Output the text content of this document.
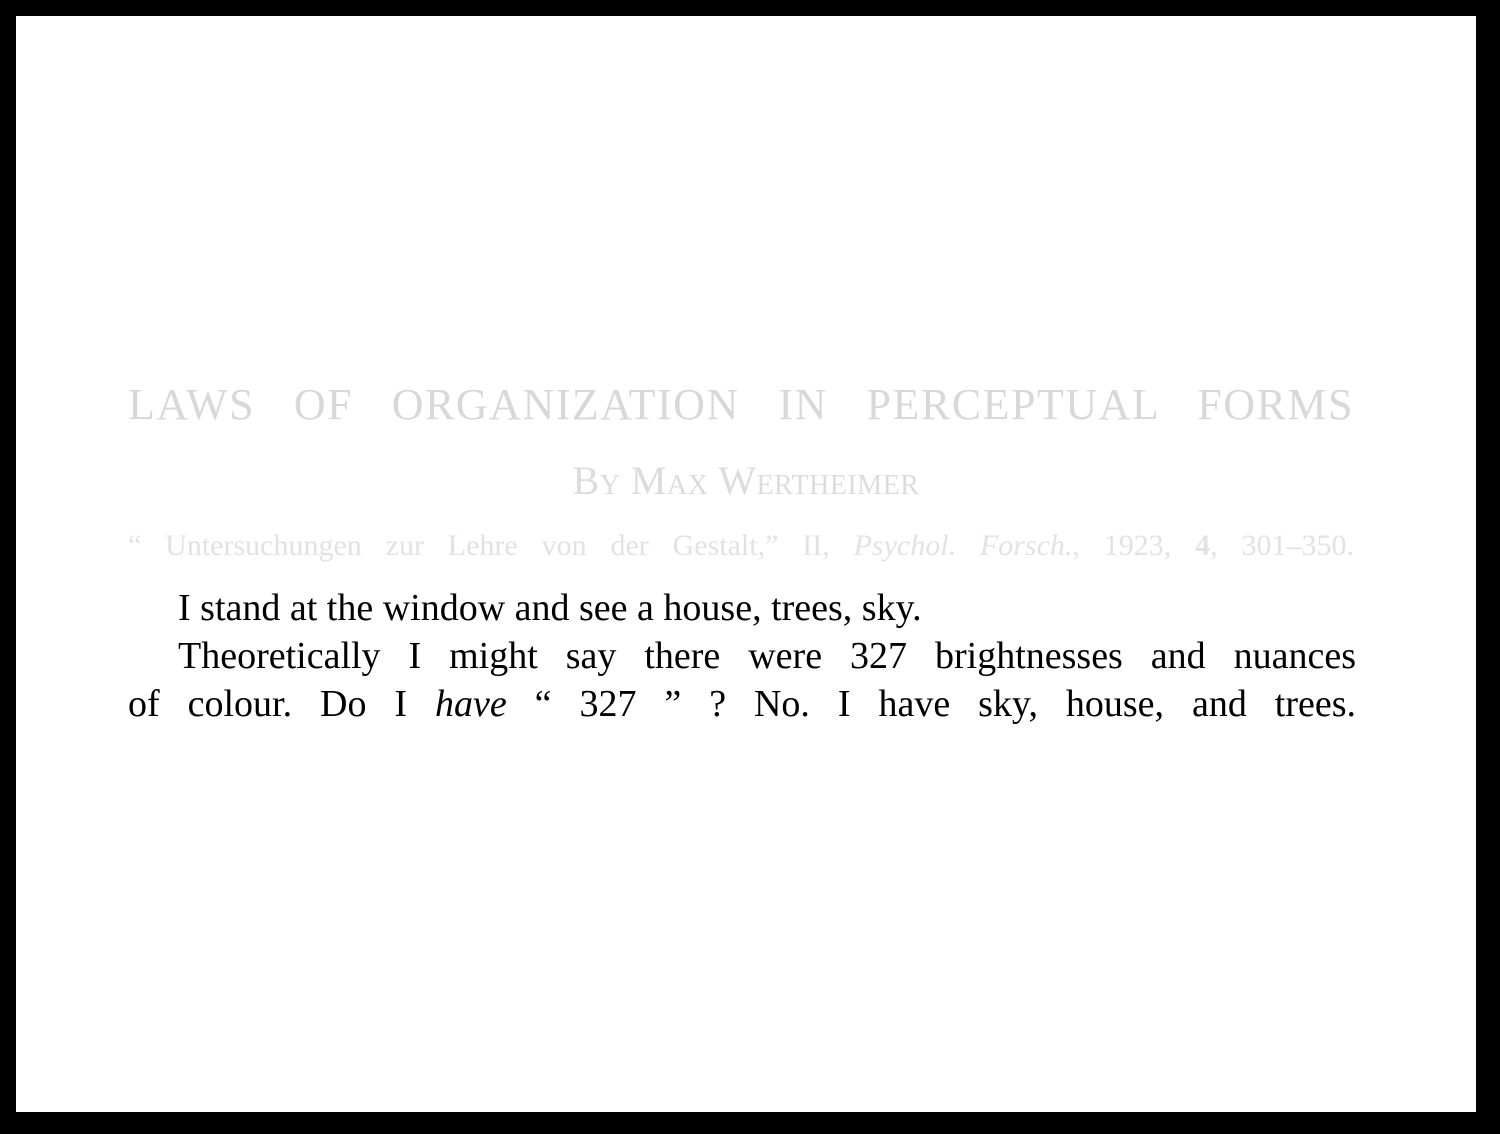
LAWS OF ORGANIZATION IN PERCEPTUAL FORMS
By Max Wertheimer
“ Untersuchungen zur Lehre von der Gestalt,” II, Psychol. Forsch., 1923, 4, 301–350.
I stand at the window and see a house, trees, sky.
Theoretically I might say there were 327 brightnesses and nuances
of colour. Do I have “ 327 ” ? No. I have sky, house, and trees.
